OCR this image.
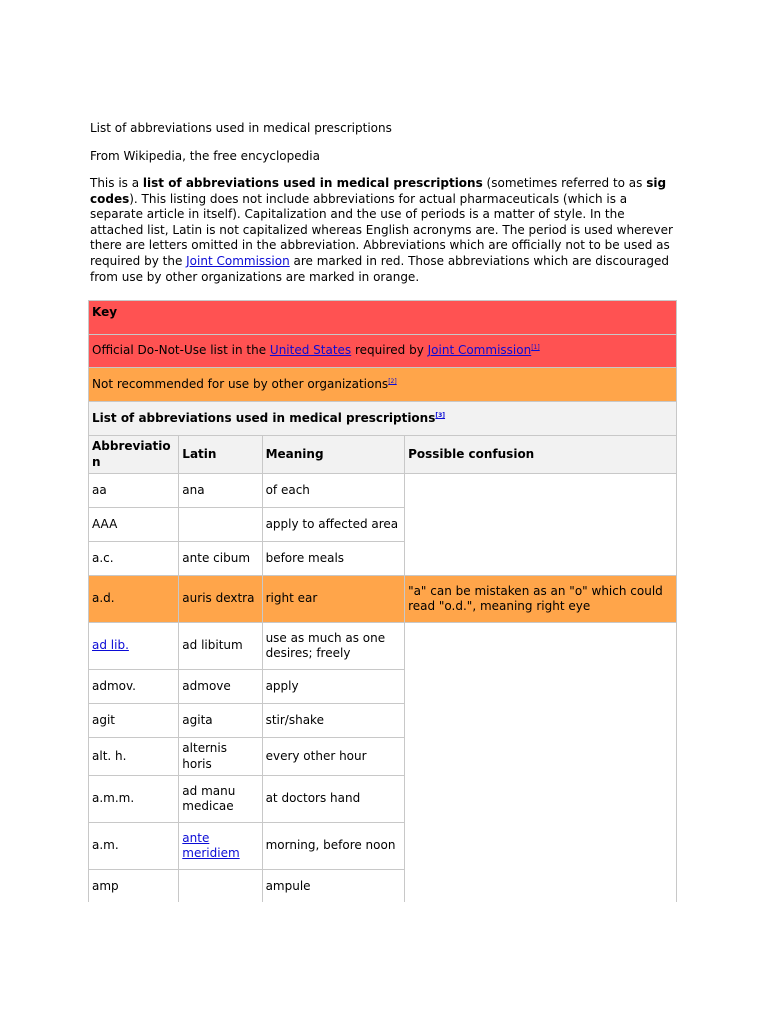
List of abbreviations used in medical prescriptions

From Wikipedia, the free encyclopedia

This is a list of abbreviations used in medical prescriptions (sometimes referred to as sig codes). This listing does not include abbreviations for actual pharmaceuticals (which is a separate article in itself). Capitalization and the use of periods is a matter of style. In the attached list, Latin is not capitalized whereas English acronyms are. The period is used wherever there are letters omitted in the abbreviation. Abbreviations which are officially not to be used as required by the Joint Commission are marked in red. Those abbreviations which are discouraged from use by other organizations are marked in orange.

Key			
Official Do-Not-Use list in the United States required by Joint Commission[1]
Not recommended for use by other organizations[2]
List of abbreviations used in medical prescriptions[3]
Abbreviation	Latin	Meaning	Possible confusion
aa	ana	of each	
AAA		apply to affected area	
a.c.	ante cibum	before meals	
a.d.	auris dextra	right ear	"a" can be mistaken as an "o" which could read "o.d.", meaning right eye
ad lib.	ad libitum	use as much as one desires; freely	
admov.	admove	apply	
agit	agita	stir/shake	
alt. h.	alternis horis	every other hour	
a.m.m.	ad manu medicae	at doctors hand	
a.m.	ante meridiem	morning, before noon	
amp		ampule	
